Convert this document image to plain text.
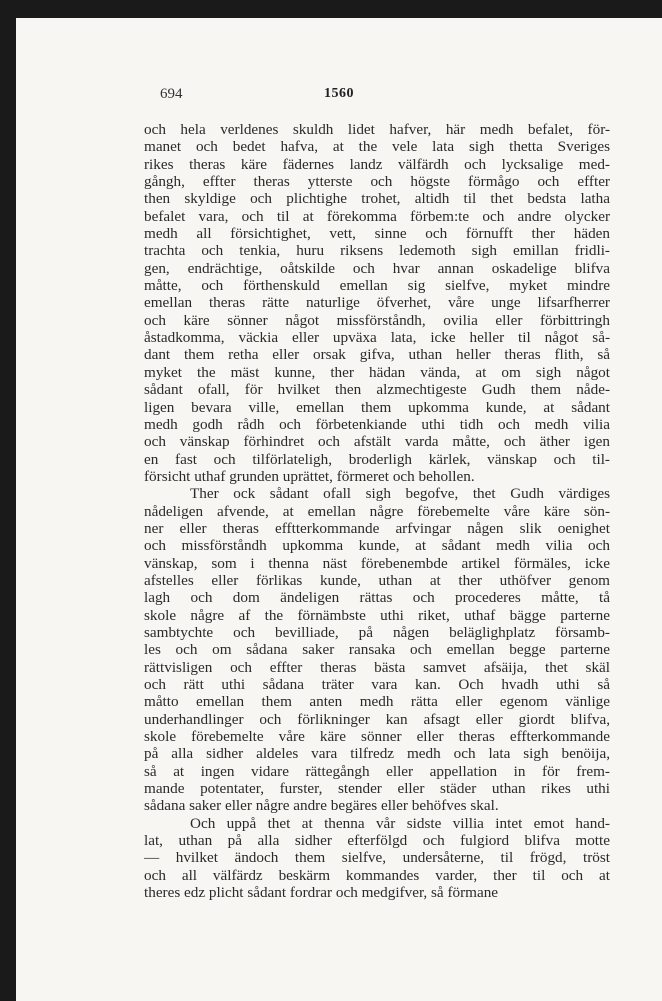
694	1560
och hela verldenes skuldh lidet hafver, här medh befalet, för-
manet och bedet hafva, at the vele lata sigh thetta Sveriges
rikes theras käre fädernes landz välfärdh och lycksalige med-
gångh, effter theras ytterste och högste förmågo och effter
then skyldige och plichtighe trohet, altidh til thet bedsta latha
befalet vara, och til at förekomma förbem:te och andre olycker
medh all försichtighet, vett, sinne och förnufft ther häden
trachta och tenkia, huru riksens ledemoth sigh emillan fridli-
gen, endrächtige, oåtskilde och hvar annan oskadelige blifva
måtte, och förthenskuld emellan sig sielfve, myket mindre
emellan theras rätte naturlige öfverhet, våre unge lifsarfherrer
och käre sönner något missförståndh, ovilia eller förbittringh
åstadkomma, väckia eller upväxa lata, icke heller til något så-
dant them retha eller orsak gifva, uthan heller theras flith, så
myket the mäst kunne, ther hädan vända, at om sigh något
sådant ofall, för hvilket then alzmechtigeste Gudh them nåde-
ligen bevara ville, emellan them upkomma kunde, at sådant
medh godh rådh och förbetenkiande uthi tidh och medh vilia
och vänskap förhindret och afstält varda måtte, och äther igen
en fast och tilförlateligh, broderligh kärlek, vänskap och til-
försicht uthaf grunden uprättet, förmeret och behollen.
Ther ock sådant ofall sigh begofve, thet Gudh värdiges
nådeligen afvende, at emellan någre förebemelte våre käre sön-
ner eller theras efftterkommande arfvingar någen slik oenighet
och missförståndh upkomma kunde, at sådant medh vilia och
vänskap, som i thenna näst förebenembde artikel förmäles, icke
afstelles eller förlikas kunde, uthan at ther uthöfver genom
lagh och dom ändeligen rättas och procederes måtte, tå
skole någre af the förnämbste uthi riket, uthaf bägge parterne
sambtychte och bevilliade, på någen beläglighplatz församb-
les och om sådana saker ransaka och emellan begge parterne
rättvisligen och effter theras bästa samvet afsäija, thet skäl
och rätt uthi sådana träter vara kan. Och hvadh uthi så
måtto emellan them anten medh rätta eller egenom vänlige
underhandlinger och förlikninger kan afsagt eller giordt blifva,
skole förebemelte våre käre sönner eller theras effterkommande
på alla sidher aldeles vara tilfredz medh och lata sigh benöija,
så at ingen vidare rättegångh eller appellation in för frem-
mande potentater, furster, stender eller städer uthan rikes uthi
sådana saker eller någre andre begäres eller behöfves skal.
Och uppå thet at thenna vår sidste villia intet emot hand-
lat, uthan på alla sidher efterfölgd och fulgiord blifva motte
— hvilket ändoch them sielfve, undersåterne, til frögd, tröst
och all välfärdz beskärm kommandes varder, ther til och at
theres edz plicht sådant fordrar och medgifver, så förmane
